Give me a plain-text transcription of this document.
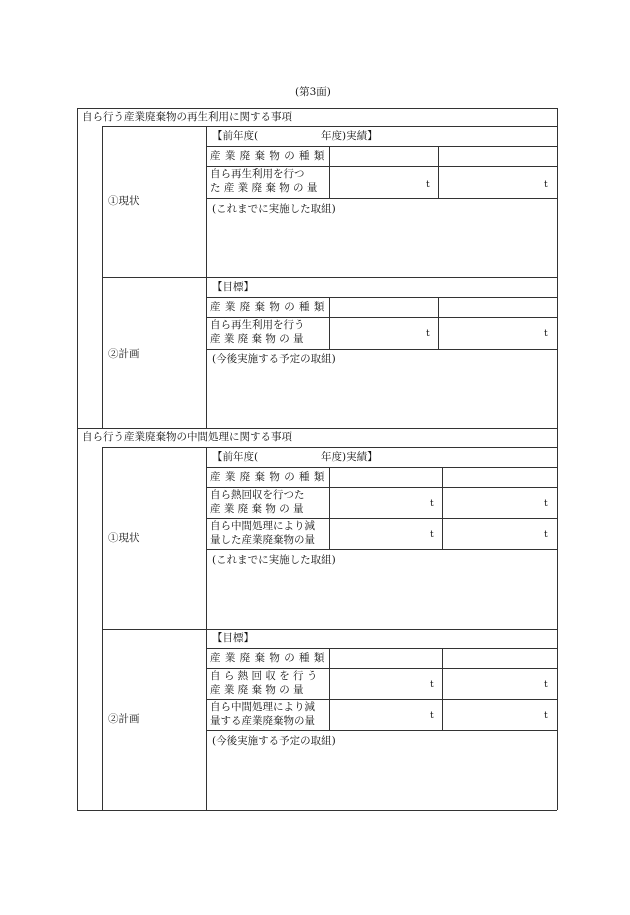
(第3面)
自ら行う産業廃棄物の再生利用に関する事項
①現状
【前年度(	年度)実績】
産 業 廃 棄 物 の 種 類
自ら再生利用を行つ
た 産 業 廃 棄 物 の 量	t	t
(これまでに実施した取組)
②計画
【目標】
産 業 廃 棄 物 の 種 類
自ら再生利用を行う
産 業 廃 棄 物 の 量	t	t
(今後実施する予定の取組)
自ら行う産業廃棄物の中間処理に関する事項
①現状
【前年度(	年度)実績】
産 業 廃 棄 物 の 種 類
自ら熱回収を行つた
産 業 廃 棄 物 の 量	t	t
自ら中間処理により減
量した産業廃棄物の量	t	t
(これまでに実施した取組)
②計画
【目標】
産 業 廃 棄 物 の 種 類
自 ら 熱 回 収 を 行 う
産 業 廃 棄 物 の 量	t	t
自ら中間処理により減
量する産業廃棄物の量	t	t
(今後実施する予定の取組)
